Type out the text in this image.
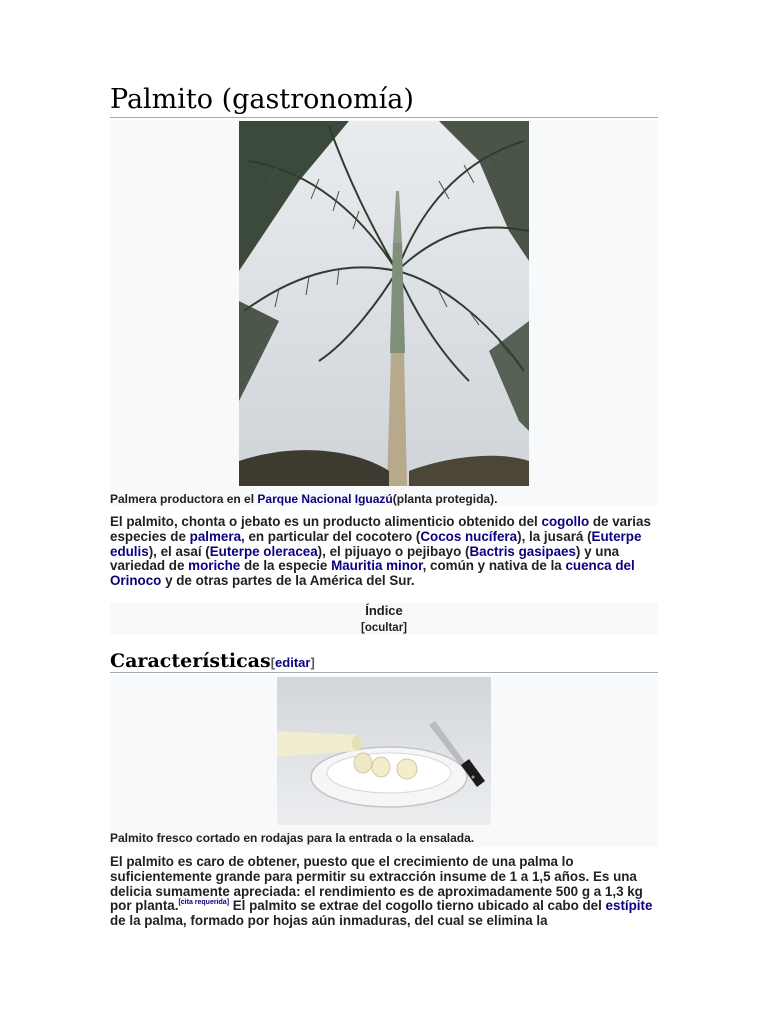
Palmito (gastronomía)
Palmera productora en el Parque Nacional Iguazú(planta protegida).

El palmito, chonta o jebato es un producto alimenticio obtenido del cogollo de varias especies de palmera, en particular del cocotero (Cocos nucífera), la jusará (Euterpe edulis), el asaí (Euterpe oleracea), el pijuayo o pejibayo (Bactris gasipaes) y una variedad de moriche de la especie Mauritia minor, común y nativa de la cuenca del Orinoco y de otras partes de la América del Sur.

Índice
[ocultar]
Características[editar]
Palmito fresco cortado en rodajas para la entrada o la ensalada.

El palmito es caro de obtener, puesto que el crecimiento de una palma lo suficientemente grande para permitir su extracción insume de 1 a 1,5 años. Es una delicia sumamente apreciada: el rendimiento es de aproximadamente 500 g a 1,3 kg por planta.[cita requerida] El palmito se extrae del cogollo tierno ubicado al cabo del estípite de la palma, formado por hojas aún inmaduras, del cual se elimina la
